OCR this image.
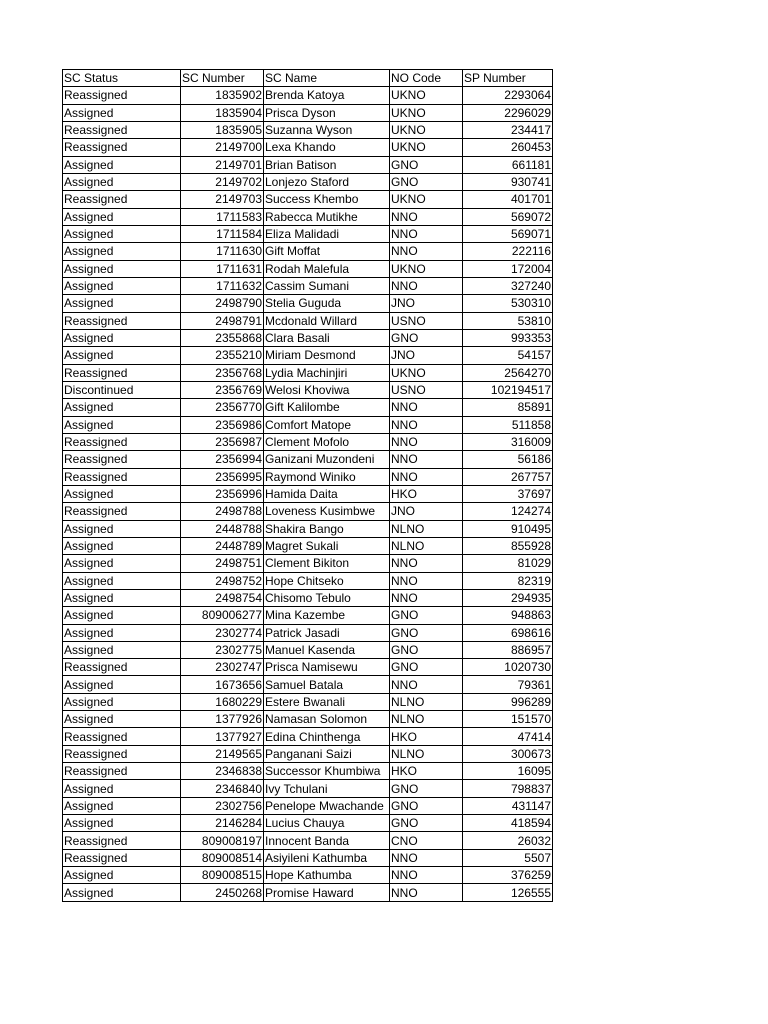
SC Status	SC Number	SC Name	NO Code	SP Number
Reassigned	1835902	Brenda Katoya	UKNO	2293064
Assigned	1835904	Prisca Dyson	UKNO	2296029
Reassigned	1835905	Suzanna Wyson	UKNO	234417
Reassigned	2149700	Lexa Khando	UKNO	260453
Assigned	2149701	Brian Batison	GNO	661181
Assigned	2149702	Lonjezo Staford	GNO	930741
Reassigned	2149703	Success Khembo	UKNO	401701
Assigned	1711583	Rabecca Mutikhe	NNO	569072
Assigned	1711584	Eliza Malidadi	NNO	569071
Assigned	1711630	Gift Moffat	NNO	222116
Assigned	1711631	Rodah Malefula	UKNO	172004
Assigned	1711632	Cassim Sumani	NNO	327240
Assigned	2498790	Stelia Guguda	JNO	530310
Reassigned	2498791	Mcdonald Willard	USNO	53810
Assigned	2355868	Clara Basali	GNO	993353
Assigned	2355210	Miriam Desmond	JNO	54157
Reassigned	2356768	Lydia Machinjiri	UKNO	2564270
Discontinued	2356769	Welosi Khoviwa	USNO	102194517
Assigned	2356770	Gift Kalilombe	NNO	85891
Assigned	2356986	Comfort Matope	NNO	511858
Reassigned	2356987	Clement Mofolo	NNO	316009
Reassigned	2356994	Ganizani Muzondeni	NNO	56186
Reassigned	2356995	Raymond Winiko	NNO	267757
Assigned	2356996	Hamida Daita	HKO	37697
Reassigned	2498788	Loveness Kusimbwe	JNO	124274
Assigned	2448788	Shakira Bango	NLNO	910495
Assigned	2448789	Magret Sukali	NLNO	855928
Assigned	2498751	Clement Bikiton	NNO	81029
Assigned	2498752	Hope Chitseko	NNO	82319
Assigned	2498754	Chisomo Tebulo	NNO	294935
Assigned	809006277	Mina Kazembe	GNO	948863
Assigned	2302774	Patrick Jasadi	GNO	698616
Assigned	2302775	Manuel Kasenda	GNO	886957
Reassigned	2302747	Prisca Namisewu	GNO	1020730
Assigned	1673656	Samuel Batala	NNO	79361
Assigned	1680229	Estere Bwanali	NLNO	996289
Assigned	1377926	Namasan Solomon	NLNO	151570
Reassigned	1377927	Edina Chinthenga	HKO	47414
Reassigned	2149565	Panganani Saizi	NLNO	300673
Reassigned	2346838	Successor Khumbiwa	HKO	16095
Assigned	2346840	Ivy Tchulani	GNO	798837
Assigned	2302756	Penelope Mwachande	GNO	431147
Assigned	2146284	Lucius Chauya	GNO	418594
Reassigned	809008197	Innocent Banda	CNO	26032
Reassigned	809008514	Asiyileni Kathumba	NNO	5507
Assigned	809008515	Hope Kathumba	NNO	376259
Assigned	2450268	Promise Haward	NNO	126555
